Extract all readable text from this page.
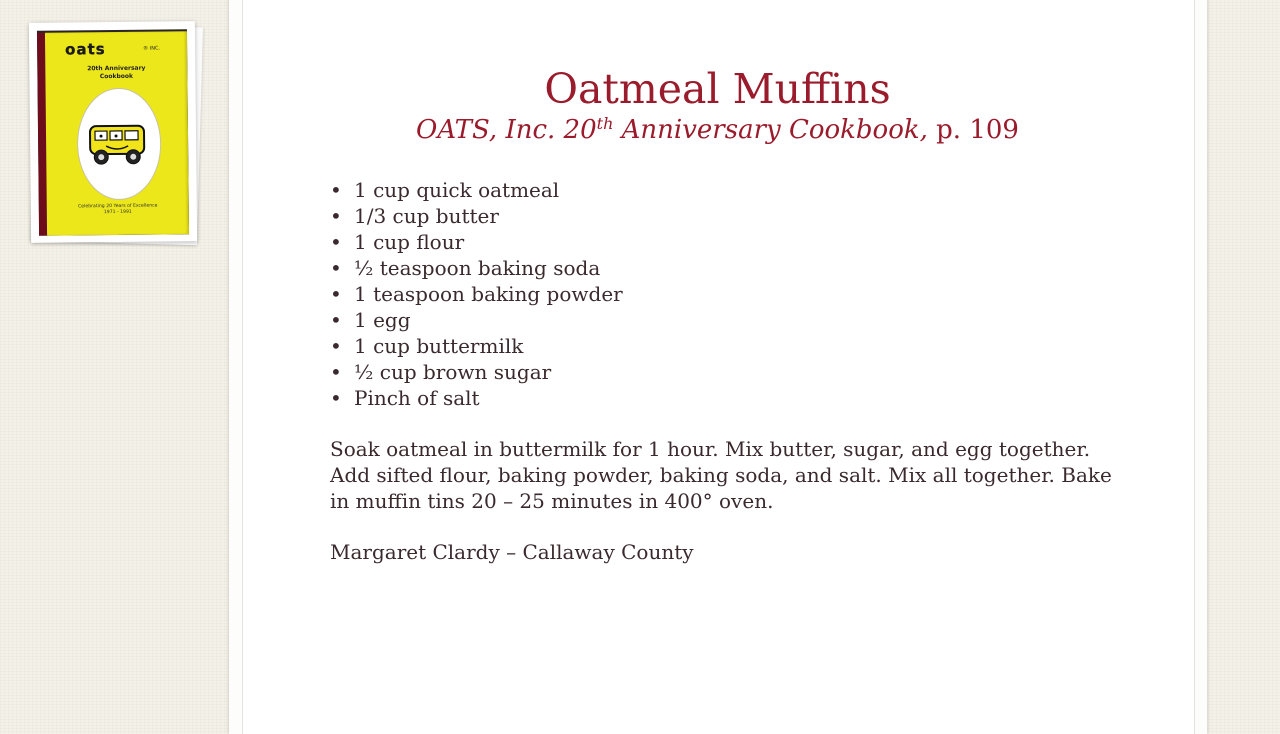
oats	® INC.
20th Anniversary
Cookbook
Celebrating 20 Years of Excellence
1971 - 1991
Oatmeal Muffins
OATS, Inc. 20th Anniversary Cookbook, p. 109
• 1 cup quick oatmeal
• 1/3 cup butter
• 1 cup flour
• ½ teaspoon baking soda
• 1 teaspoon baking powder
• 1 egg
• 1 cup buttermilk
• ½ cup brown sugar
• Pinch of salt

Soak oatmeal in buttermilk for 1 hour. Mix butter, sugar, and egg together.
Add sifted flour, baking powder, baking soda, and salt. Mix all together. Bake
in muffin tins 20 – 25 minutes in 400° oven.

Margaret Clardy – Callaway County
